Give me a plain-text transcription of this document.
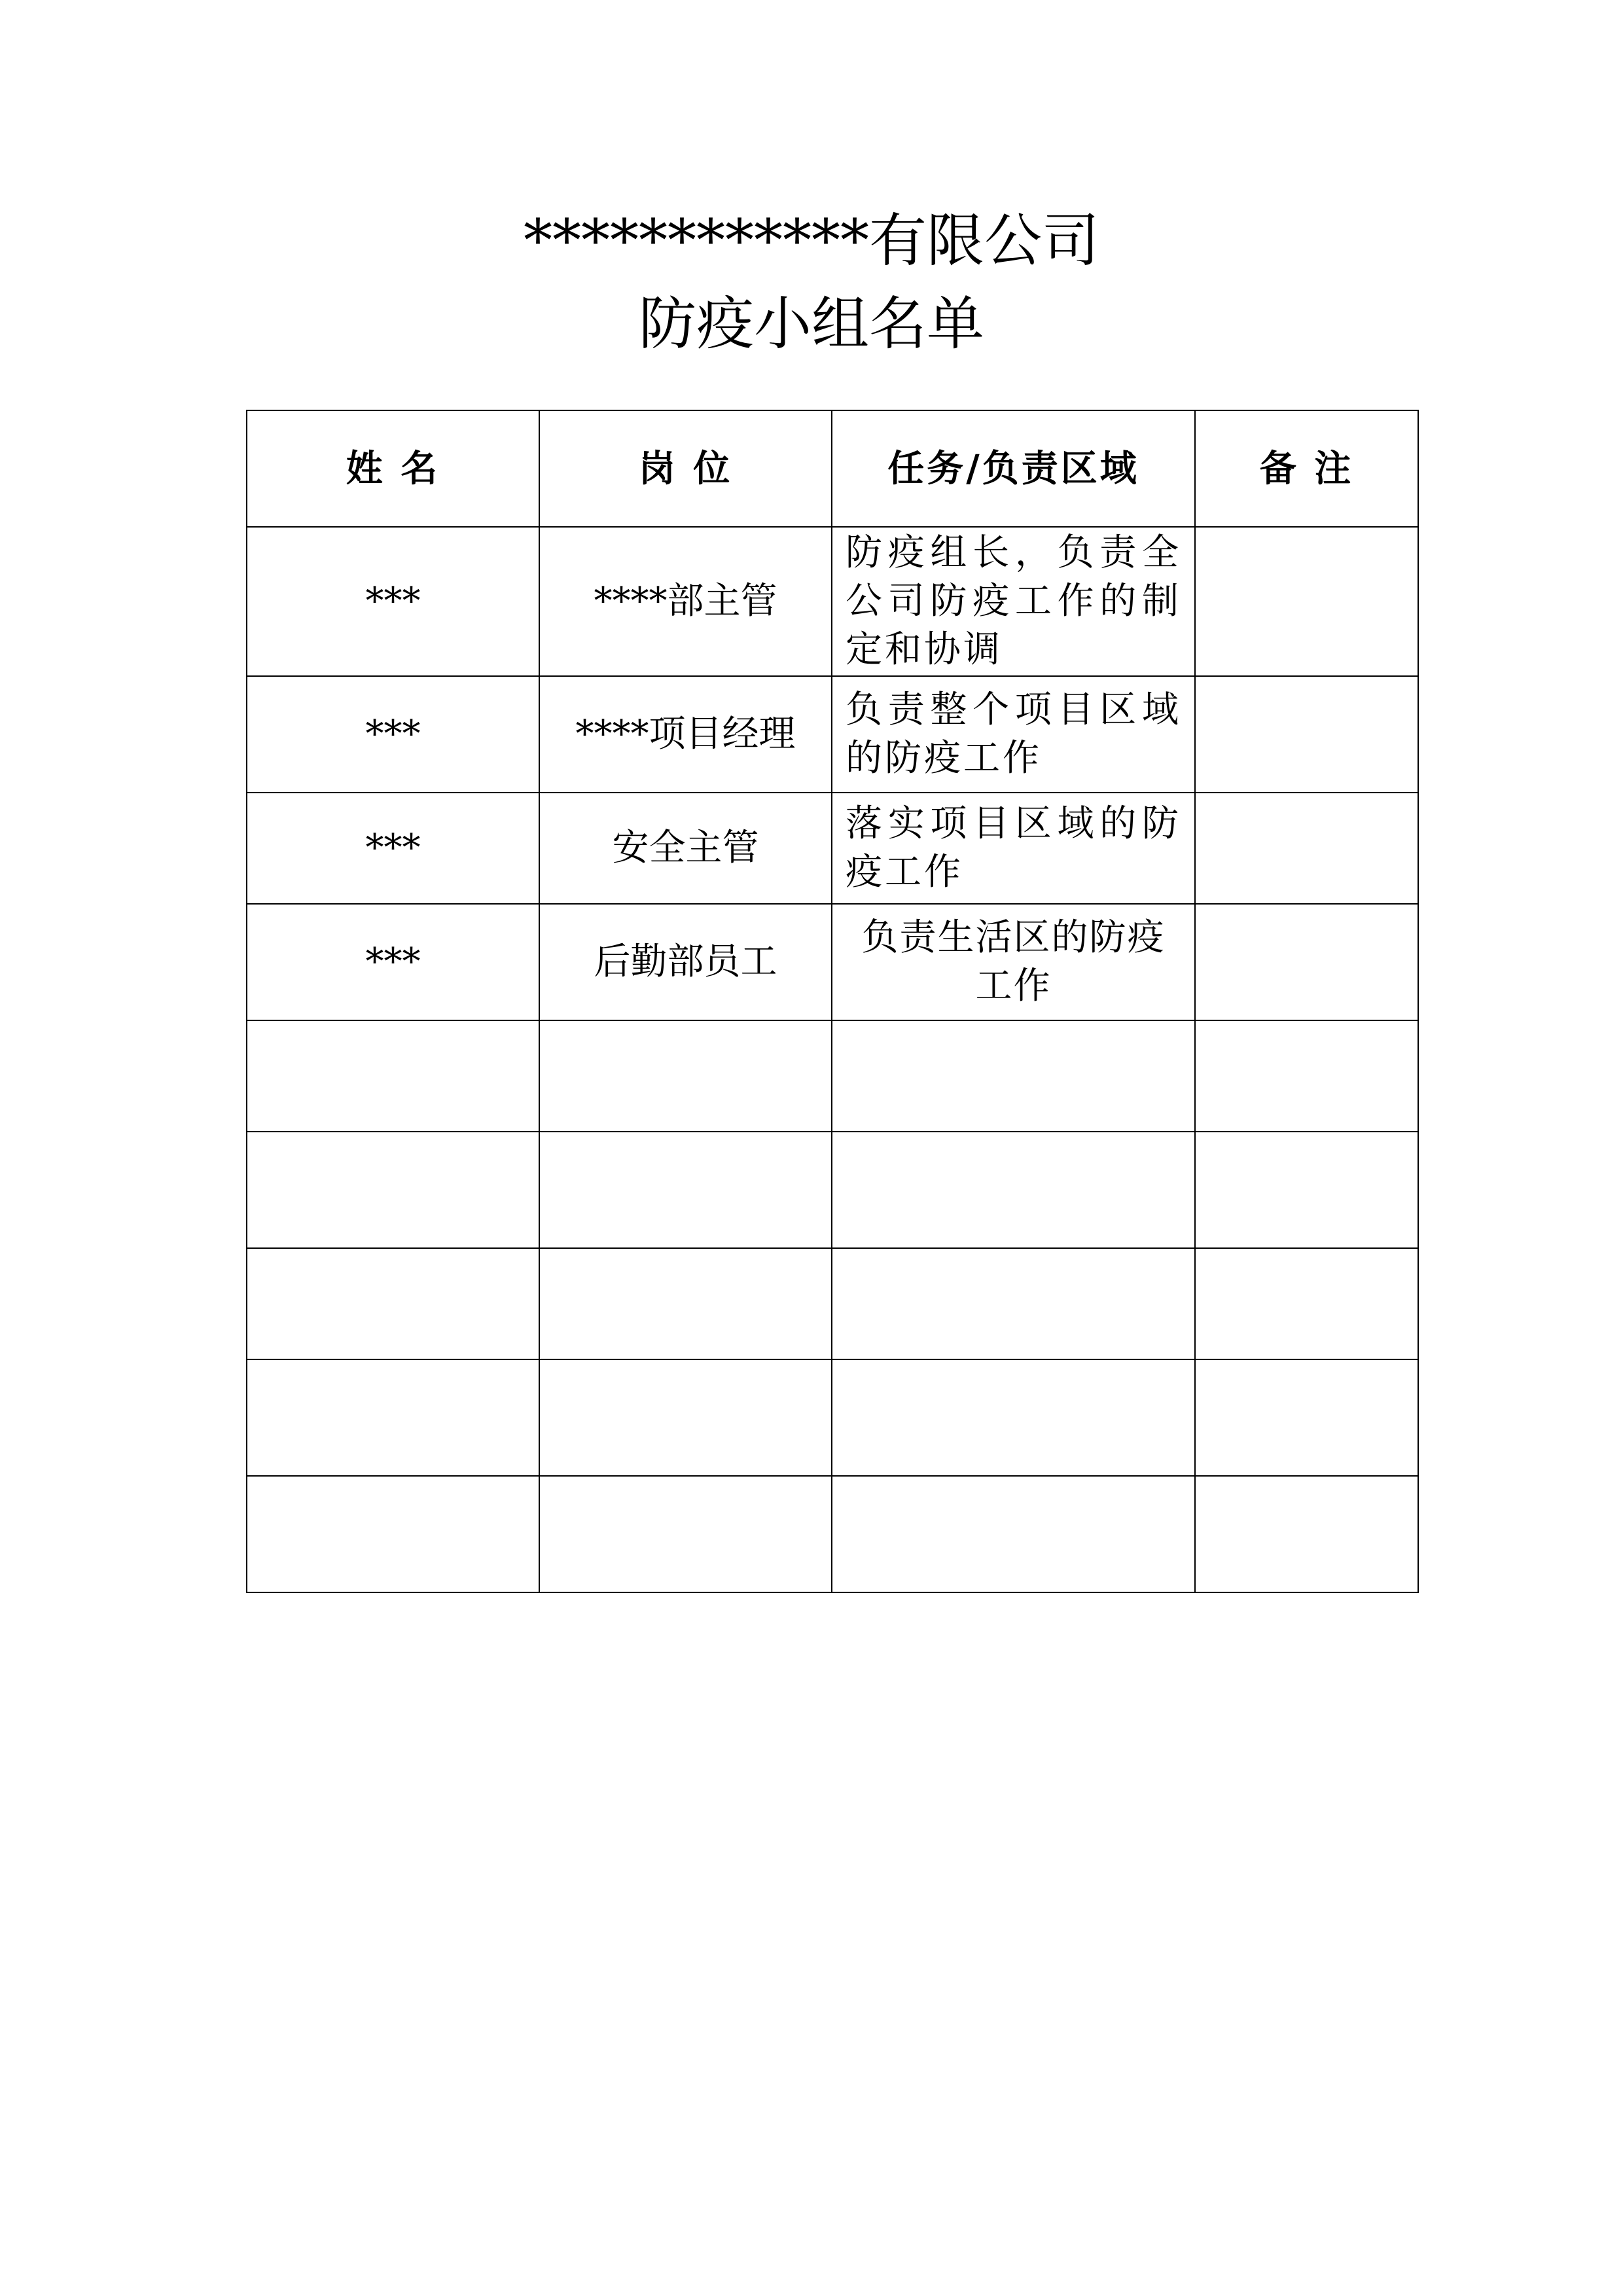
************有限公司
防疫小组名单
姓 名	岗 位	任务/负责区域	备 注
***	****部主管	防疫组长，负责全公司防疫工作的制定和协调	
***	****项目经理	负责整个项目区域的防疫工作	
***	安全主管	落实项目区域的防疫工作	
***	后勤部员工	负责生活区的防疫工作	
